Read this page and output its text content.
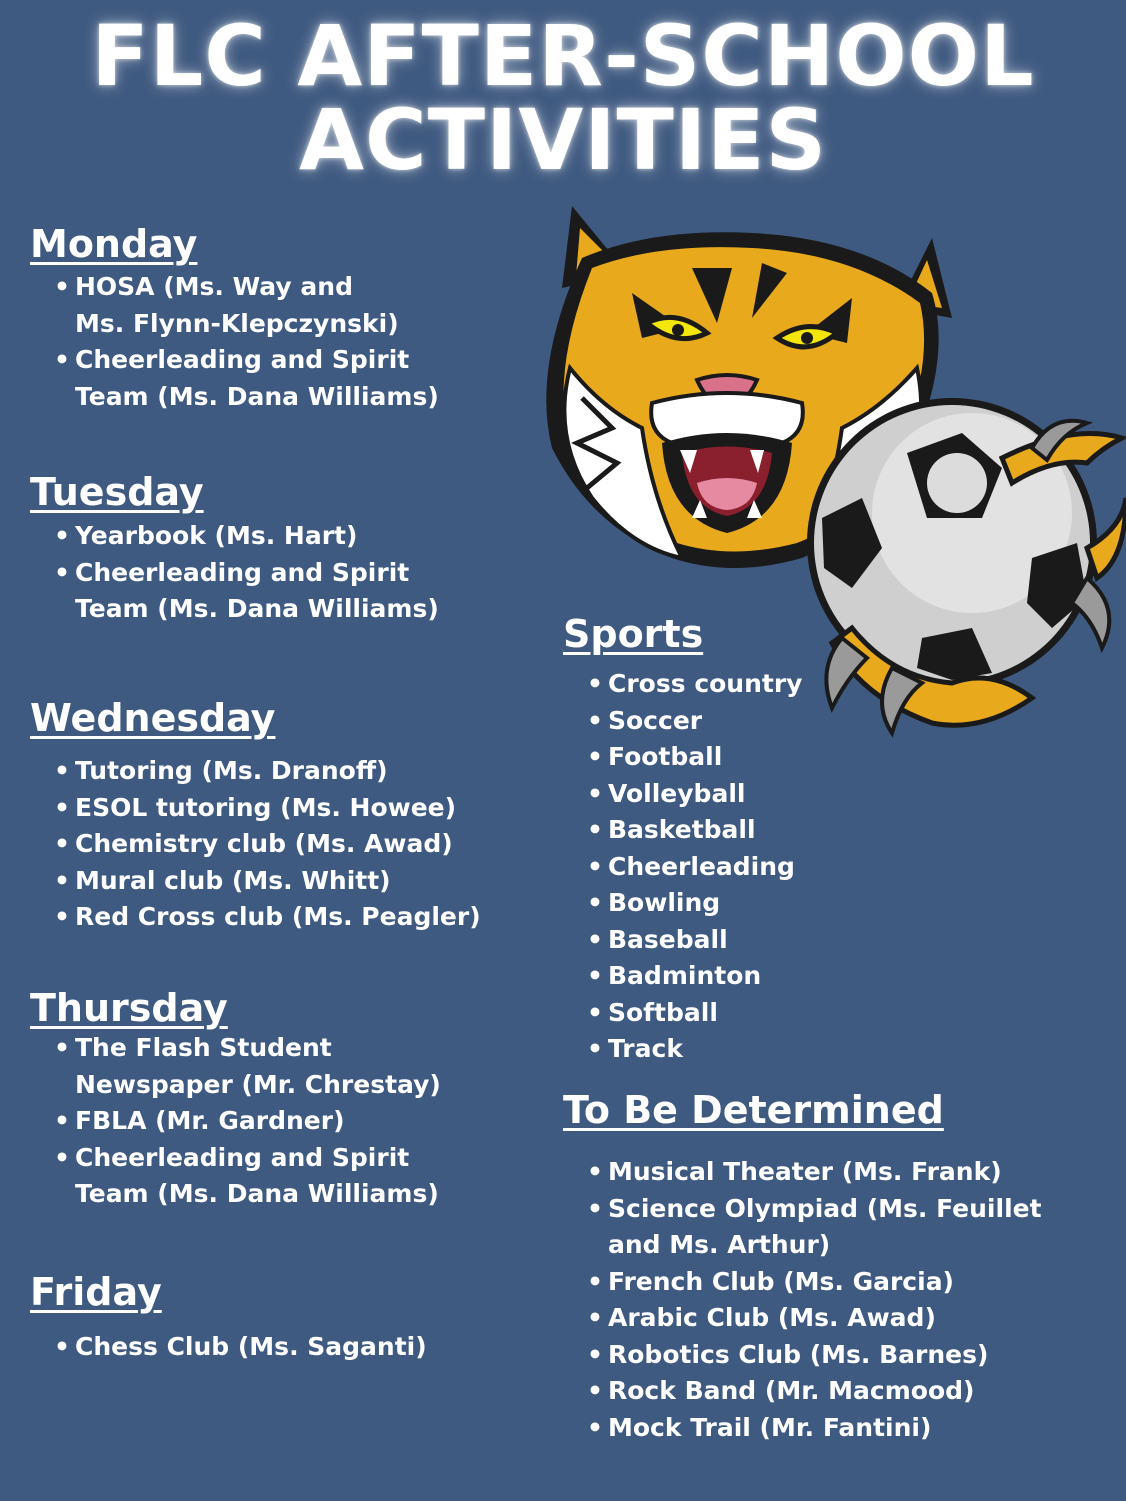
FLC AFTER-SCHOOL
ACTIVITIES
Monday
• HOSA (Ms. Way and Ms. Flynn-Klepczynski)
• Cheerleading and Spirit Team (Ms. Dana Williams)
Tuesday
• Yearbook (Ms. Hart)
• Cheerleading and Spirit Team (Ms. Dana Williams)
Wednesday
• Tutoring (Ms. Dranoff)
• ESOL tutoring (Ms. Howee)
• Chemistry club (Ms. Awad)
• Mural club (Ms. Whitt)
• Red Cross club (Ms. Peagler)
Thursday
• The Flash Student Newspaper (Mr. Chrestay)
• FBLA (Mr. Gardner)
• Cheerleading and Spirit Team (Ms. Dana Williams)
Friday
• Chess Club (Ms. Saganti)
Sports
• Cross country
• Soccer
• Football
• Volleyball
• Basketball
• Cheerleading
• Bowling
• Baseball
• Badminton
• Softball
• Track
To Be Determined
• Musical Theater (Ms. Frank)
• Science Olympiad (Ms. Feuillet and Ms. Arthur)
• French Club (Ms. Garcia)
• Arabic Club (Ms. Awad)
• Robotics Club (Ms. Barnes)
• Rock Band (Mr. Macmood)
• Mock Trail (Mr. Fantini)
